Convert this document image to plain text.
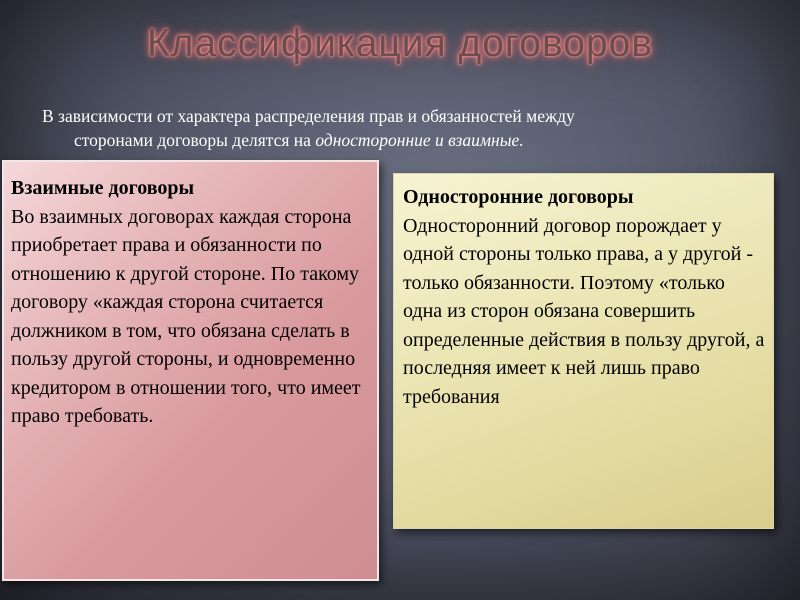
Классификация договоров
В зависимости от характера распределения прав и обязанностей между
сторонами договоры делятся на односторонние и взаимные.
Взаимные договоры
Во взаимных договорах каждая сторона приобретает права и обязанности по отношению к другой стороне. По такому договору «каждая сторона считается должником в том, что обязана сделать в пользу другой стороны, и одновременно кредитором в отношении того, что имеет право требовать.
Односторонние договоры
Односторонний договор порождает у одной стороны только права, а у другой - только обязанности. Поэтому «только одна из сторон обязана совершить определенные действия в пользу другой, а последняя имеет к ней лишь право требования
